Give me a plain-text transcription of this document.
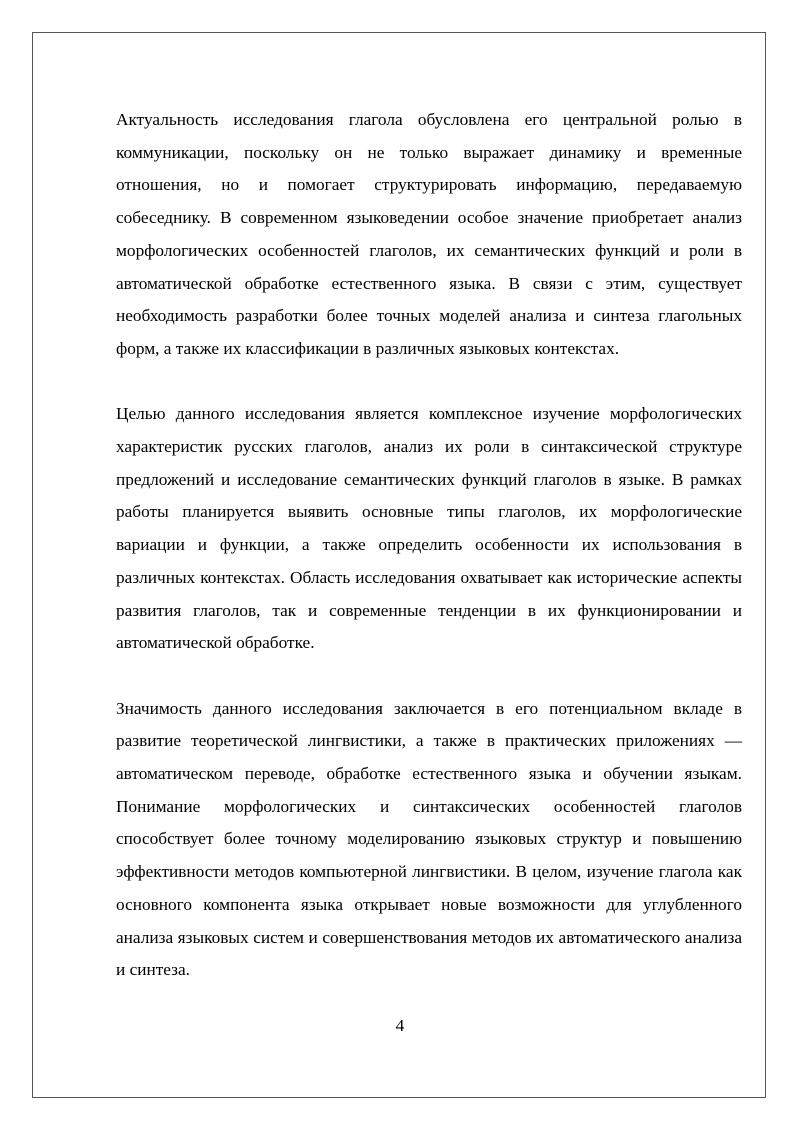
Актуальность исследования глагола обусловлена его центральной ролью в коммуникации, поскольку он не только выражает динамику и временные отношения, но и помогает структурировать информацию, передаваемую собеседнику. В современном языковедении особое значение приобретает анализ морфологических особенностей глаголов, их семантических функций и роли в автоматической обработке естественного языка. В связи с этим, существует необходимость разработки более точных моделей анализа и синтеза глагольных форм, а также их классификации в различных языковых контекстах.

Целью данного исследования является комплексное изучение морфологических характеристик русских глаголов, анализ их роли в синтаксической структуре предложений и исследование семантических функций глаголов в языке. В рамках работы планируется выявить основные типы глаголов, их морфологические вариации и функции, а также определить особенности их использования в различных контекстах. Область исследования охватывает как исторические аспекты развития глаголов, так и современные тенденции в их функционировании и автоматической обработке.

Значимость данного исследования заключается в его потенциальном вкладе в развитие теоретической лингвистики, а также в практических приложениях — автоматическом переводе, обработке естественного языка и обучении языкам. Понимание морфологических и синтаксических особенностей глаголов способствует более точному моделированию языковых структур и повышению эффективности методов компьютерной лингвистики. В целом, изучение глагола как основного компонента языка открывает новые возможности для углубленного анализа языковых систем и совершенствования методов их автоматического анализа и синтеза.

4
